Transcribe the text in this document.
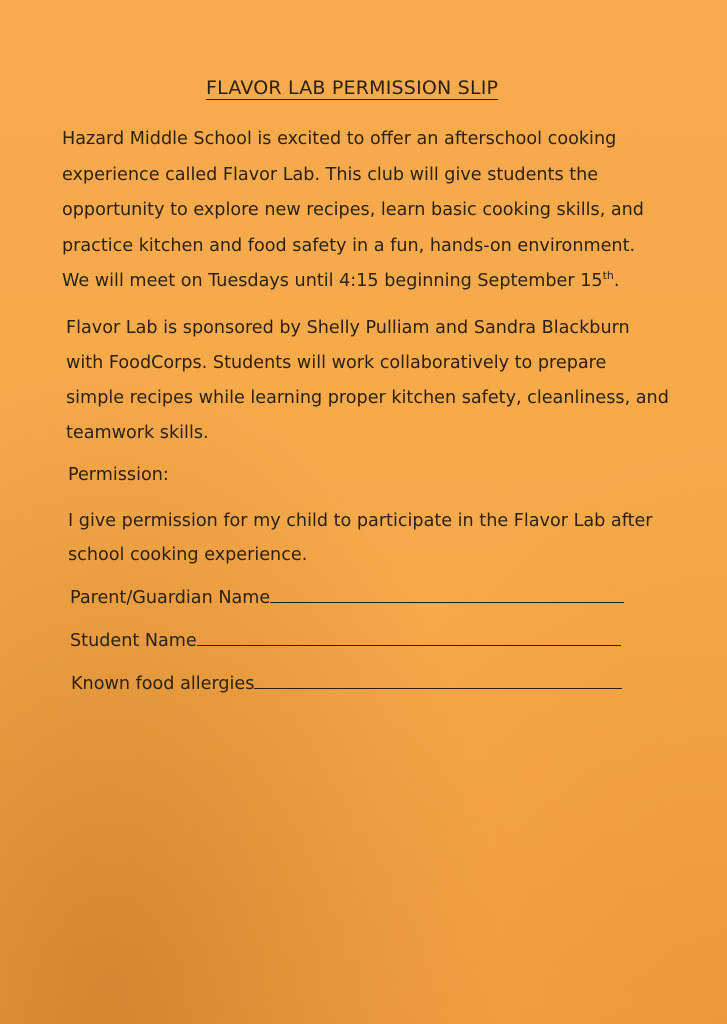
FLAVOR LAB PERMISSION SLIP
Hazard Middle School is excited to offer an afterschool cooking
experience called Flavor Lab. This club will give students the
opportunity to explore new recipes, learn basic cooking skills, and
practice kitchen and food safety in a fun, hands-on environment.
We will meet on Tuesdays until 4:15 beginning September 15th.
Flavor Lab is sponsored by Shelly Pulliam and Sandra Blackburn
with FoodCorps. Students will work collaboratively to prepare
simple recipes while learning proper kitchen safety, cleanliness, and
teamwork skills.
Permission:
I give permission for my child to participate in the Flavor Lab after
school cooking experience.
Parent/Guardian Name
Student Name
Known food allergies
